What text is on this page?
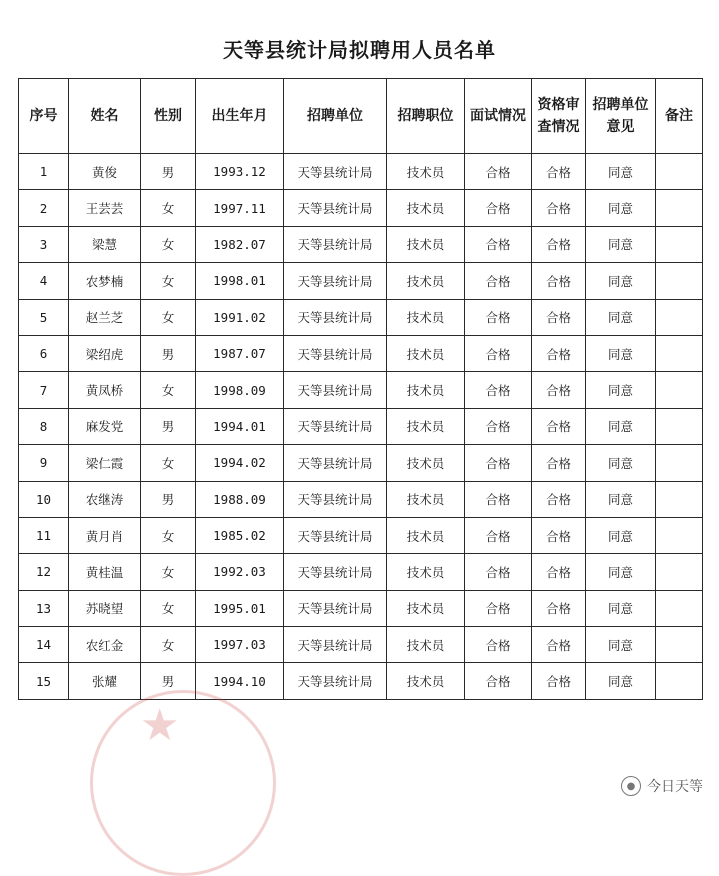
天等县统计局拟聘用人员名单
序号	姓名	性别	出生年月	招聘单位	招聘职位	面试情况	资格审查情况	招聘单位意见	备注
1	黄俊	男	1993.12	天等县统计局	技术员	合格	合格	同意	
2	王芸芸	女	1997.11	天等县统计局	技术员	合格	合格	同意	
3	梁慧	女	1982.07	天等县统计局	技术员	合格	合格	同意	
4	农梦楠	女	1998.01	天等县统计局	技术员	合格	合格	同意	
5	赵兰芝	女	1991.02	天等县统计局	技术员	合格	合格	同意	
6	梁绍虎	男	1987.07	天等县统计局	技术员	合格	合格	同意	
7	黄凤桥	女	1998.09	天等县统计局	技术员	合格	合格	同意	
8	麻发党	男	1994.01	天等县统计局	技术员	合格	合格	同意	
9	梁仁霞	女	1994.02	天等县统计局	技术员	合格	合格	同意	
10	农继涛	男	1988.09	天等县统计局	技术员	合格	合格	同意	
11	黄月肖	女	1985.02	天等县统计局	技术员	合格	合格	同意	
12	黄桂温	女	1992.03	天等县统计局	技术员	合格	合格	同意	
13	苏晓望	女	1995.01	天等县统计局	技术员	合格	合格	同意	
14	农红金	女	1997.03	天等县统计局	技术员	合格	合格	同意	
15	张耀	男	1994.10	天等县统计局	技术员	合格	合格	同意	
★
● 今日天等
